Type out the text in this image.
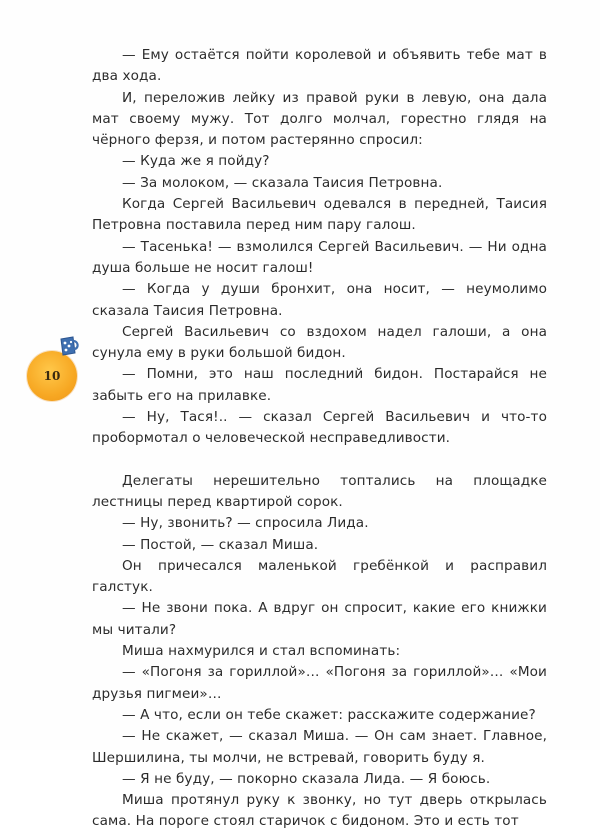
— Ему остаётся пойти королевой и объявить тебе мат в два хода.

И, переложив лейку из правой руки в левую, она дала мат своему мужу. Тот долго молчал, горестно глядя на чёрного ферзя, и потом растерянно спросил:

— Куда же я пойду?

— За молоком, — сказала Таисия Петровна.

Когда Сергей Васильевич одевался в передней, Таисия Петровна поставила перед ним пару галош.

— Тасенька! — взмолился Сергей Васильевич. — Ни одна душа больше не носит галош!

— Когда у души бронхит, она носит, — неумолимо сказала Таисия Петровна.

Сергей Васильевич со вздохом надел галоши, а она сунула ему в руки большой бидон.

— Помни, это наш последний бидон. Постарайся не забыть его на прилавке.

— Ну, Тася!.. — сказал Сергей Васильевич и что-то пробормотал о человеческой несправедливости.

Делегаты нерешительно топтались на площадке лестницы перед квартирой сорок.

— Ну, звонить? — спросила Лида.

— Постой, — сказал Миша.

Он причесался маленькой гребёнкой и расправил галстук.

— Не звони пока. А вдруг он спросит, какие его книжки мы читали?

Миша нахмурился и стал вспоминать:

— «Погоня за гориллой»… «Погоня за гориллой»… «Мои друзья пигмеи»…

— А что, если он тебе скажет: расскажите содержание?

— Не скажет, — сказал Миша. — Он сам знает. Главное, Шершилина, ты молчи, не встревай, говорить буду я.

— Я не буду, — покорно сказала Лида. — Я боюсь.

Миша протянул руку к звонку, но тут дверь открылась сама. На пороге стоял старичок с бидоном. Это и есть тот

10
